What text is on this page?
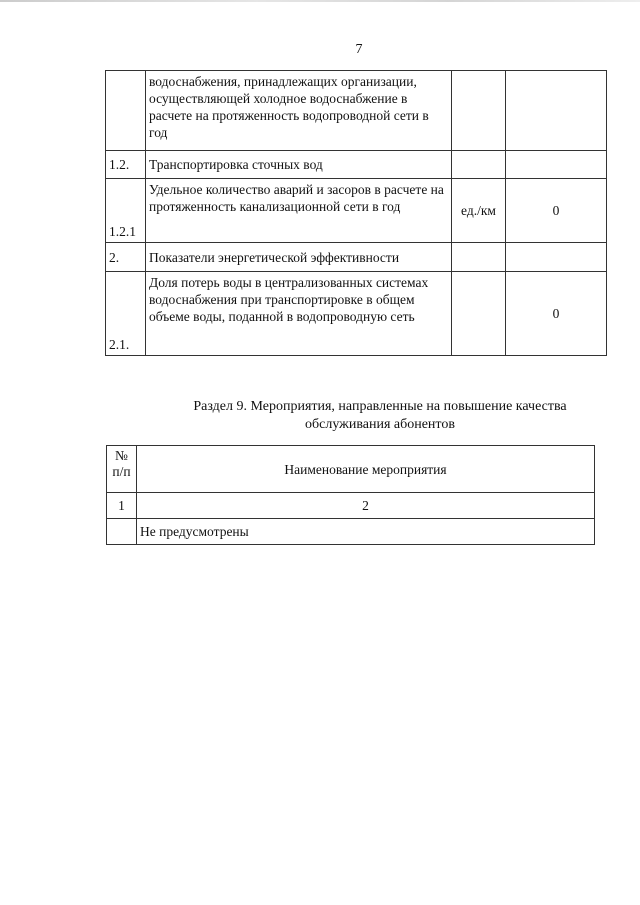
7
	водоснабжения, принадлежащих организации, осуществляющей холодное водоснабжение в расчете на протяженность водопроводной сети в год		
1.2.	Транспортировка сточных вод		
1.2.1	Удельное количество аварий и засоров в расчете на протяженность канализационной сети в год	ед./км	0
2.	Показатели энергетической эффективности		
2.1.	Доля потерь воды в централизованных системах водоснабжения при транспортировке в общем объеме воды, поданной в водопроводную сеть		0
Раздел 9. Мероприятия, направленные на повышение качества
обслуживания абонентов
№
п/п	Наименование мероприятия
1	2
	Не предусмотрены
